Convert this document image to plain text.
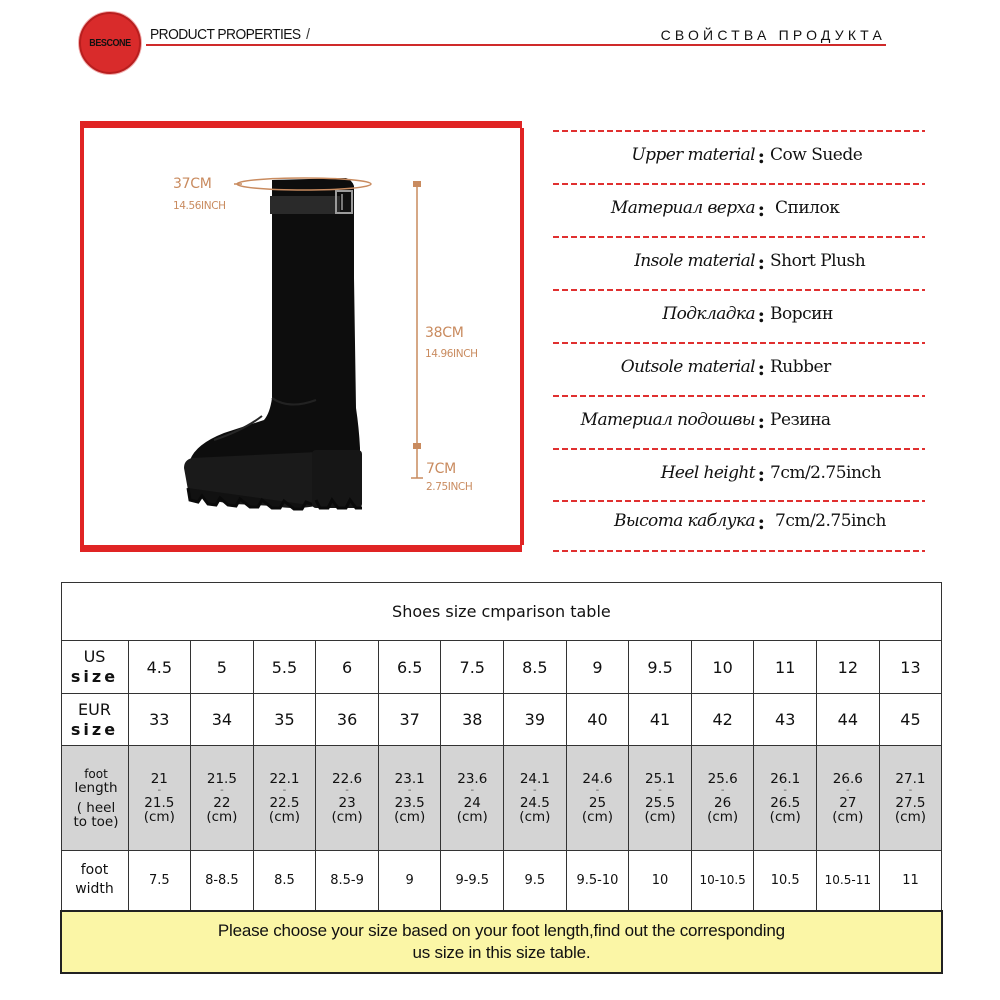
BESCONE PRODUCT PROPERTIES /	СВОЙСТВА ПРОДУКТА
37CM
14.56INCH
38CM
14.96INCH
7CM
2.75INCH
Upper material : Cow Suede
Материал верха : Спилок
Insole material : Short Plush
Подкладка : Ворсин
Outsole material : Rubber
Материал подошвы : Резина
Heel height : 7cm/2.75inch
Высота каблука : 7cm/2.75inch
Shoes size cmparison table													

US
size	4.5	5	5.5	6	6.5	7.5	8.5	9	9.5	10	11	12	13

EUR
size	33	34	35	36	37	38	39	40	41	42	43	44	45

foot
length
( heel
to toe)	21
-
21.5
(cm)	21.5
-
22
(cm)	22.1
-
22.5
(cm)	22.6
-
23
(cm)	23.1
-
23.5
(cm)	23.6
-
24
(cm)	24.1
-
24.5
(cm)	24.6
-
25
(cm)	25.1
-
25.5
(cm)	25.6
-
26
(cm)	26.1
-
26.5
(cm)	26.6
-
27
(cm)	27.1
-
27.5
(cm)

foot
width	7.5	8-8.5	8.5	8.5-9	9	9-9.5	9.5	9.5-10	10	10-10.5	10.5	10.5-11	11

Please choose your size based on your foot length,find out the corresponding
us size in this size table.													
